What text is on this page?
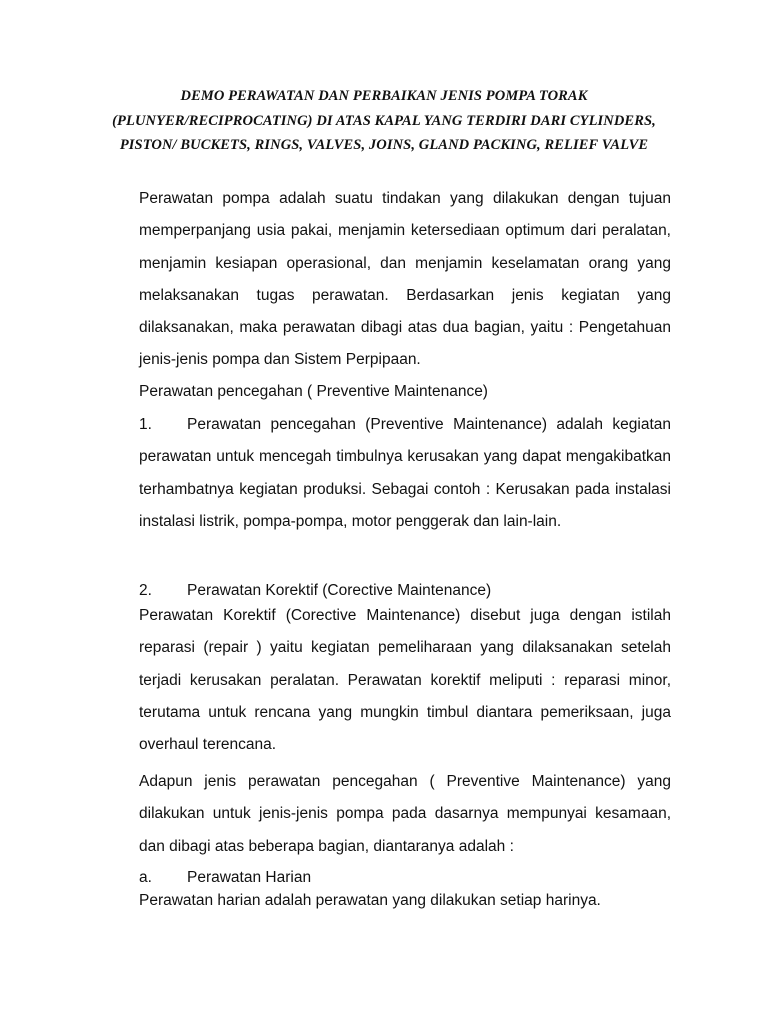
DEMO PERAWATAN DAN PERBAIKAN JENIS POMPA TORAK
(PLUNYER/RECIPROCATING) DI ATAS KAPAL YANG TERDIRI DARI CYLINDERS,
PISTON/ BUCKETS, RINGS, VALVES, JOINS, GLAND PACKING, RELIEF VALVE

Perawatan pompa adalah suatu tindakan yang dilakukan dengan tujuan memperpanjang usia pakai, menjamin ketersediaan optimum dari peralatan, menjamin kesiapan operasional, dan menjamin keselamatan orang yang melaksanakan tugas perawatan. Berdasarkan jenis kegiatan yang dilaksanakan, maka perawatan dibagi atas dua bagian, yaitu : Pengetahuan jenis-jenis pompa dan Sistem Perpipaan.

Perawatan pencegahan ( Preventive Maintenance)

1. Perawatan pencegahan (Preventive Maintenance) adalah kegiatan perawatan untuk mencegah timbulnya kerusakan yang dapat mengakibatkan terhambatnya kegiatan produksi. Sebagai contoh : Kerusakan pada instalasi instalasi listrik, pompa-pompa, motor penggerak dan lain-lain.

2.	Perawatan Korektif (Corective Maintenance)

Perawatan Korektif (Corective Maintenance) disebut juga dengan istilah reparasi (repair ) yaitu kegiatan pemeliharaan yang dilaksanakan setelah terjadi kerusakan peralatan. Perawatan korektif meliputi : reparasi minor, terutama untuk rencana yang mungkin timbul diantara pemeriksaan, juga overhaul terencana.

Adapun jenis perawatan pencegahan ( Preventive Maintenance) yang dilakukan untuk jenis-jenis pompa pada dasarnya mempunyai kesamaan, dan dibagi atas beberapa bagian, diantaranya adalah :

a.	Perawatan Harian

Perawatan harian adalah perawatan yang dilakukan setiap harinya.
